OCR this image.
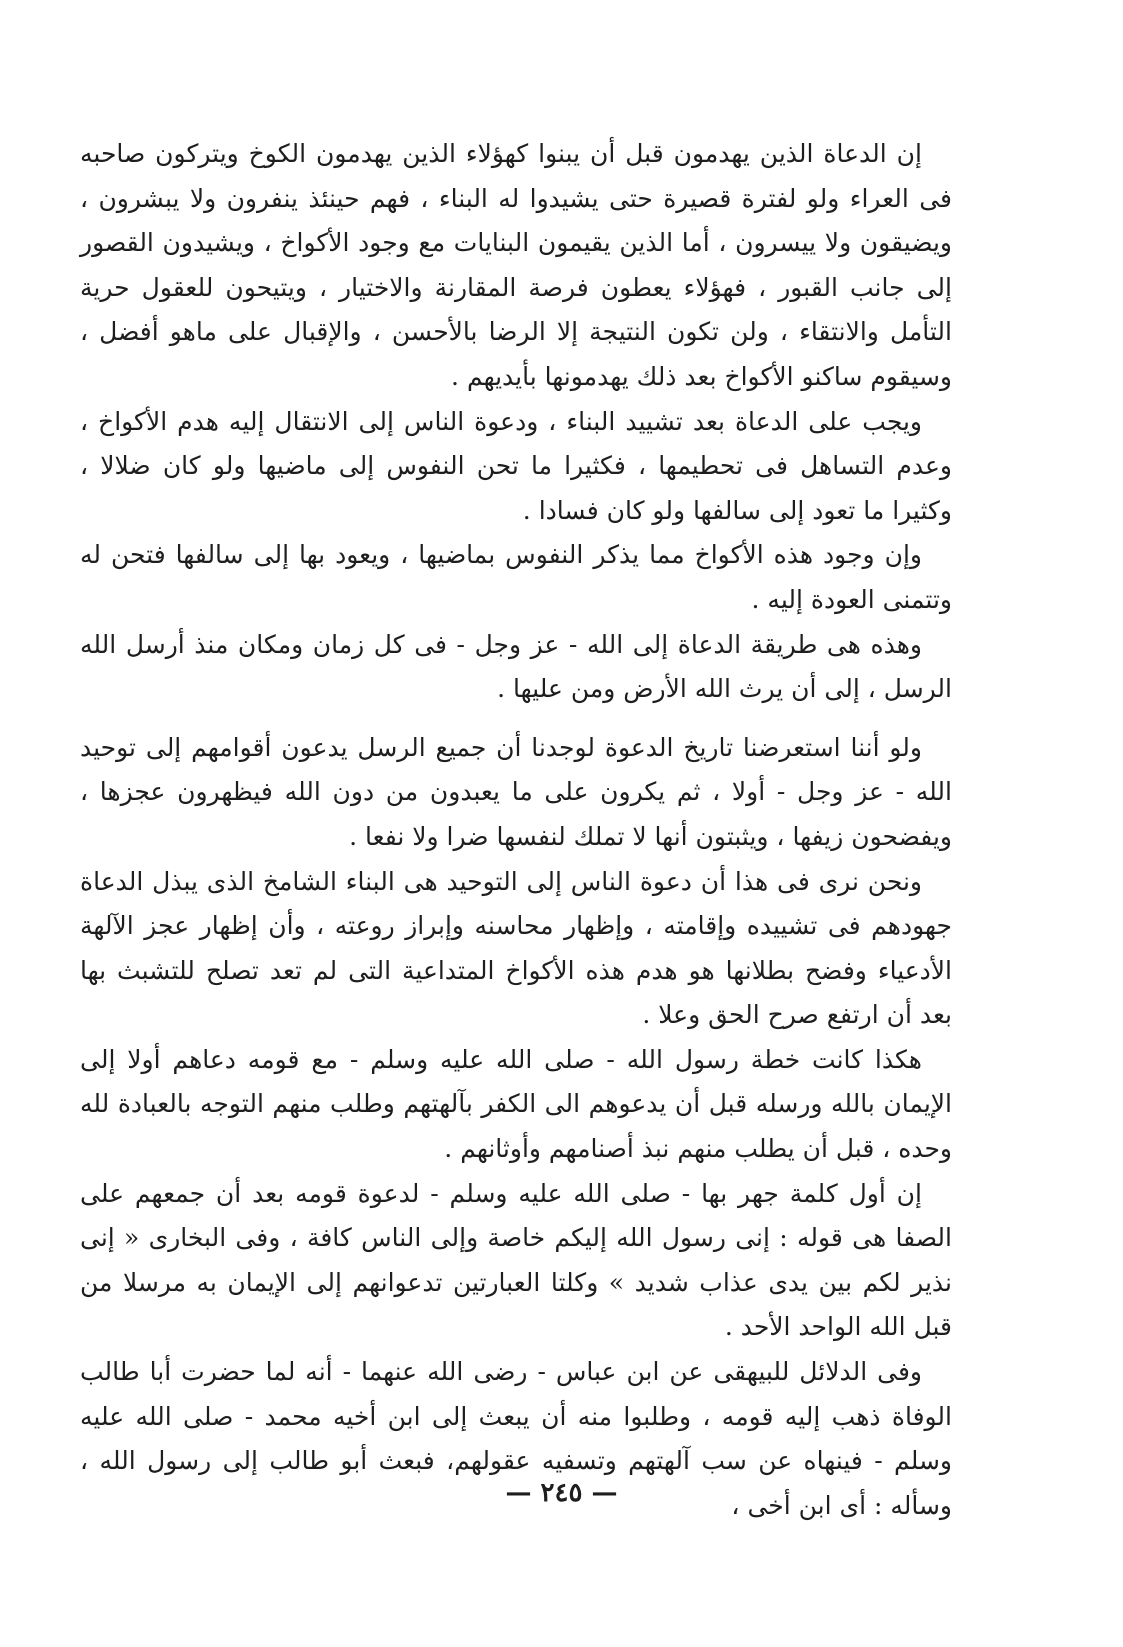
إن الدعاة الذين يهدمون قبل أن يبنوا كهؤلاء الذين يهدمون الكوخ ويتركون صاحبه فى العراء ولو لفترة قصيرة حتى يشيدوا له البناء ، فهم حينئذ ينفرون ولا يبشرون ، ويضيقون ولا ييسرون ، أما الذين يقيمون البنايات مع وجود الأكواخ ، ويشيدون القصور إلى جانب القبور ، فهؤلاء يعطون فرصة المقارنة والاختيار ، ويتيحون للعقول حرية التأمل والانتقاء ، ولن تكون النتيجة إلا الرضا بالأحسن ، والإقبال على ماهو أفضل ، وسيقوم ساكنو الأكواخ بعد ذلك يهدمونها بأيديهم .

ويجب على الدعاة بعد تشييد البناء ، ودعوة الناس إلى الانتقال إليه هدم الأكواخ ، وعدم التساهل فى تحطيمها ، فكثيرا ما تحن النفوس إلى ماضيها ولو كان ضلالا ، وكثيرا ما تعود إلى سالفها ولو كان فسادا .

وإن وجود هذه الأكواخ مما يذكر النفوس بماضيها ، ويعود بها إلى سالفها فتحن له وتتمنى العودة إليه .

وهذه هى طريقة الدعاة إلى الله - عز وجل - فى كل زمان ومكان منذ أرسل الله الرسل ، إلى أن يرث الله الأرض ومن عليها .

ولو أننا استعرضنا تاريخ الدعوة لوجدنا أن جميع الرسل يدعون أقوامهم إلى توحيد الله - عز وجل - أولا ، ثم يكرون على ما يعبدون من دون الله فيظهرون عجزها ، ويفضحون زيفها ، ويثبتون أنها لا تملك لنفسها ضرا ولا نفعا .

ونحن نرى فى هذا أن دعوة الناس إلى التوحيد هى البناء الشامخ الذى يبذل الدعاة جهودهم فى تشييده وإقامته ، وإظهار محاسنه وإبراز روعته ، وأن إظهار عجز الآلهة الأدعياء وفضح بطلانها هو هدم هذه الأكواخ المتداعية التى لم تعد تصلح للتشبث بها بعد أن ارتفع صرح الحق وعلا .

هكذا كانت خطة رسول الله - صلى الله عليه وسلم - مع قومه دعاهم أولا إلى الإيمان بالله ورسله قبل أن يدعوهم الى الكفر بآلهتهم وطلب منهم التوجه بالعبادة لله وحده ، قبل أن يطلب منهم نبذ أصنامهم وأوثانهم .

إن أول كلمة جهر بها - صلى الله عليه وسلم - لدعوة قومه بعد أن جمعهم على الصفا هى قوله : إنى رسول الله إليكم خاصة وإلى الناس كافة ، وفى البخارى « إنى نذير لكم بين يدى عذاب شديد » وكلتا العبارتين تدعوانهم إلى الإيمان به مرسلا من قبل الله الواحد الأحد .

وفى الدلائل للبيهقى عن ابن عباس - رضى الله عنهما - أنه لما حضرت أبا طالب الوفاة ذهب إليه قومه ، وطلبوا منه أن يبعث إلى ابن أخيه محمد - صلى الله عليه وسلم - فينهاه عن سب آلهتهم وتسفيه عقولهم، فبعث أبو طالب إلى رسول الله ، وسأله : أى ابن أخى ،

— ٢٤٥ —
